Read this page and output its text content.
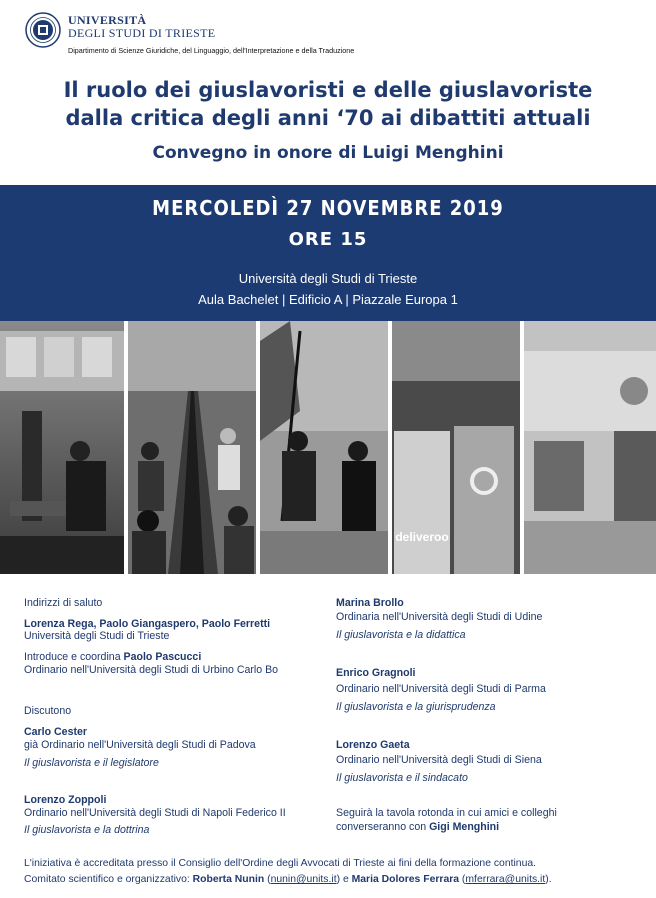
UNIVERSITÀ
DEGLI STUDI DI TRIESTE
Dipartimento di Scienze Giuridiche, del Linguaggio, dell'Interpretazione e della Traduzione
Il ruolo dei giuslavoristi e delle giuslavoriste
dalla critica degli anni ‘70 ai dibattiti attuali
Convegno in onore di Luigi Menghini
MERCOLEDÌ 27 NOVEMBRE 2019
ORE 15
Università degli Studi di Trieste
Aula Bachelet | Edificio A | Piazzale Europa 1
deliveroo
Indirizzi di saluto
Lorenza Rega, Paolo Giangaspero, Paolo Ferretti
Università degli Studi di Trieste
Introduce e coordina Paolo Pascucci
Ordinario nell'Università degli Studi di Urbino Carlo Bo
Discutono
Carlo Cester
già Ordinario nell'Università degli Studi di Padova
Il giuslavorista e il legislatore
Lorenzo Zoppoli
Ordinario nell'Università degli Studi di Napoli Federico II
Il giuslavorista e la dottrina
Marina Brollo
Ordinaria nell'Università degli Studi di Udine
Il giuslavorista e la didattica
Enrico Gragnoli
Ordinario nell'Università degli Studi di Parma
Il giuslavorista e la giurisprudenza
Lorenzo Gaeta
Ordinario nell'Università degli Studi di Siena
Il giuslavorista e il sindacato
Seguirà la tavola rotonda in cui amici e colleghi
converseranno con Gigi Menghini
L'iniziativa è accreditata presso il Consiglio dell'Ordine degli Avvocati di Trieste ai fini della formazione continua.
Comitato scientifico e organizzativo: Roberta Nunin (nunin@units.it) e Maria Dolores Ferrara (mferrara@units.it).
